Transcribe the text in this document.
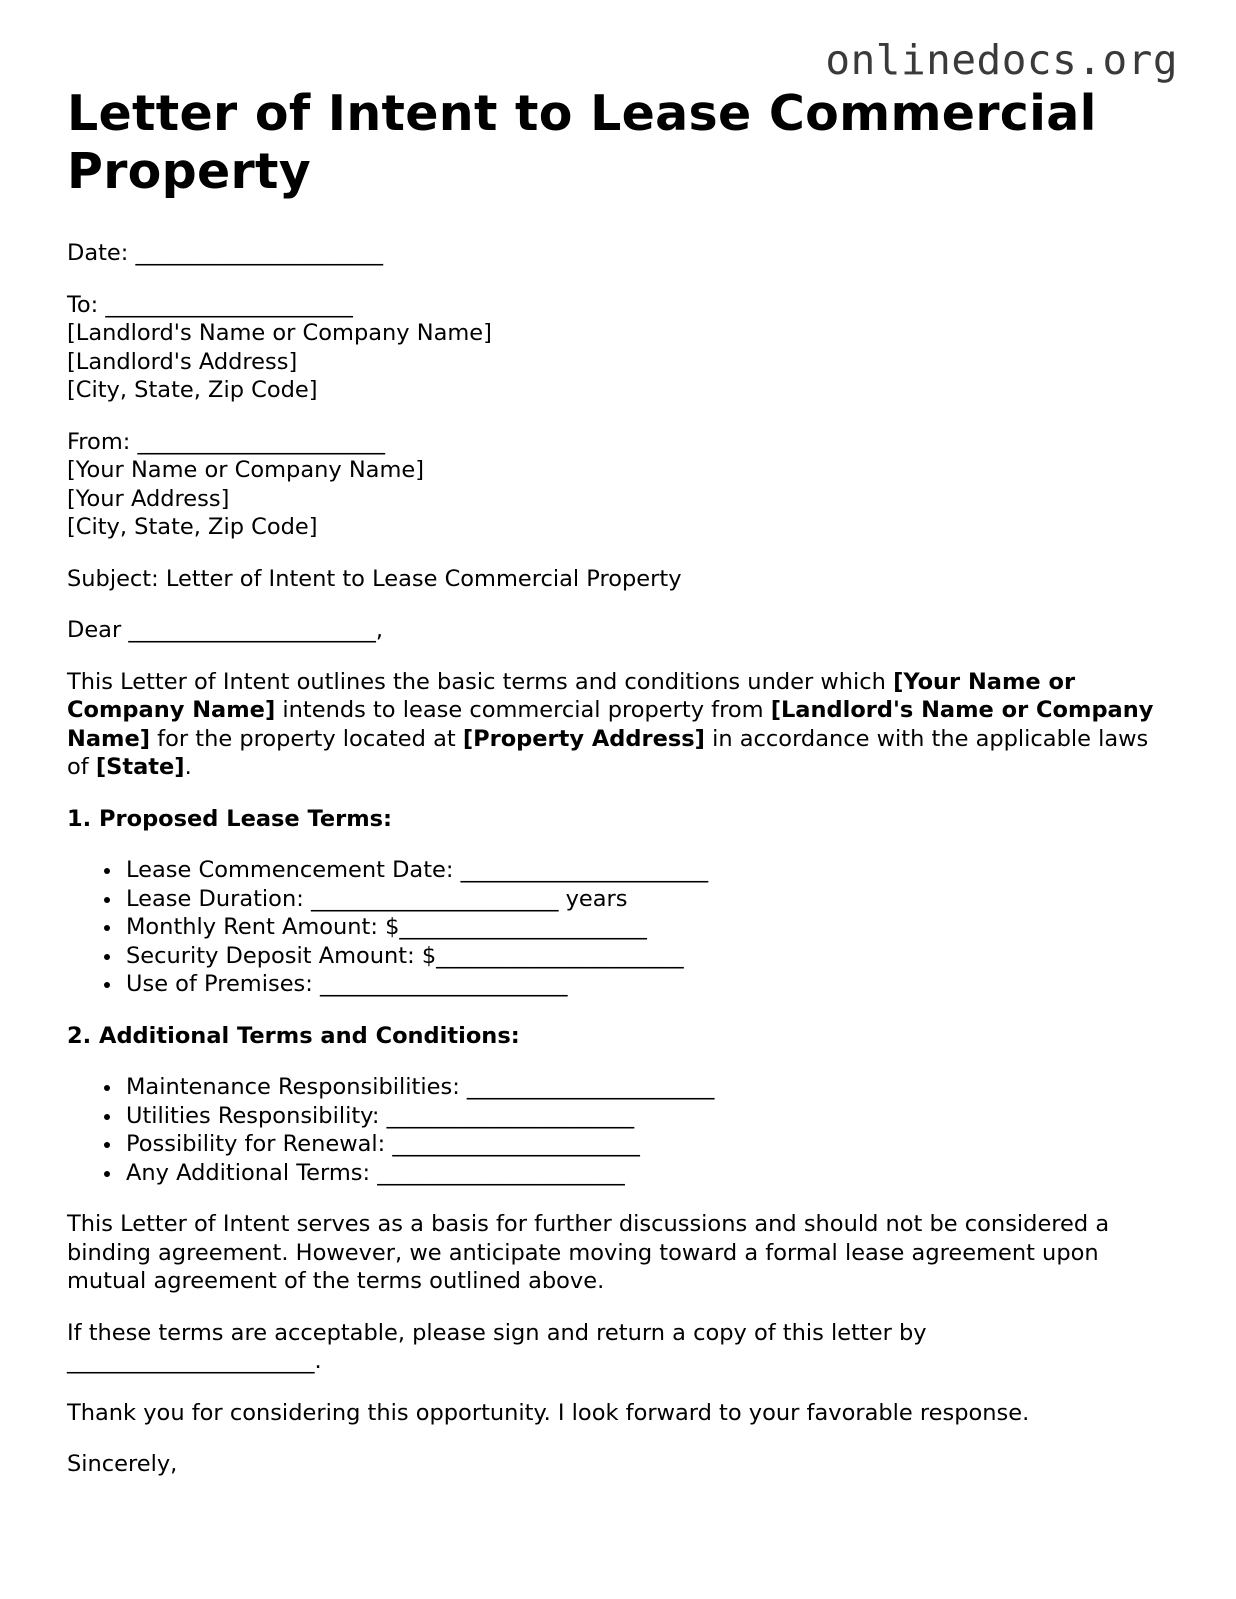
onlinedocs.org
Letter of Intent to Lease Commercial Property

Date: ______________________

To: ______________________
[Landlord's Name or Company Name]
[Landlord's Address]
[City, State, Zip Code]

From: ______________________
[Your Name or Company Name]
[Your Address]
[City, State, Zip Code]

Subject: Letter of Intent to Lease Commercial Property

Dear ______________________,

This Letter of Intent outlines the basic terms and conditions under which [Your Name or Company Name] intends to lease commercial property from [Landlord's Name or Company Name] for the property located at [Property Address] in accordance with the applicable laws of [State].

1. Proposed Lease Terms:

Lease Commencement Date: ______________________
Lease Duration: ______________________ years
Monthly Rent Amount: $______________________
Security Deposit Amount: $______________________
Use of Premises: ______________________

2. Additional Terms and Conditions:

Maintenance Responsibilities: ______________________
Utilities Responsibility: ______________________
Possibility for Renewal: ______________________
Any Additional Terms: ______________________

This Letter of Intent serves as a basis for further discussions and should not be considered a binding agreement. However, we anticipate moving toward a formal lease agreement upon mutual agreement of the terms outlined above.

If these terms are acceptable, please sign and return a copy of this letter by
______________________.

Thank you for considering this opportunity. I look forward to your favorable response.

Sincerely,
